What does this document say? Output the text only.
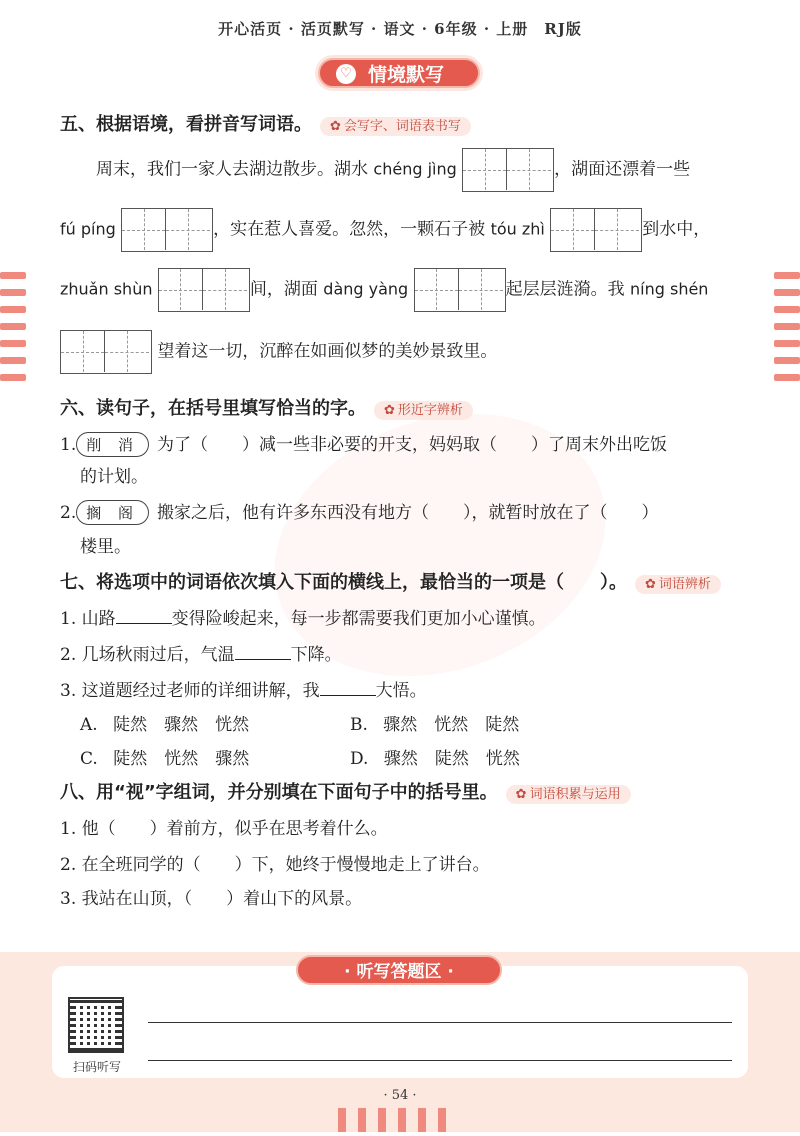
开心活页 · 活页默写 · 语文 · 6年级 · 上册　RJ版
♡ 情境默写
五、根据语境，看拼音写词语。 ✿ 会写字、词语表书写
周末，我们一家人去湖边散步。湖水 chéng jìng	，湖面还漂着一些
fú píng	，实在惹人喜爱。忽然，一颗石子被 tóu zhì	到水中，
zhuǎn shùn	间，湖面 dàng yàng	起层层涟漪。我 níng shén
望着这一切，沉醉在如画似梦的美妙景致里。
六、读句子，在括号里填写恰当的字。 ✿ 形近字辨析
1. 削 消 为了（　　）减一些非必要的开支，妈妈取（　　）了周末外出吃饭
的计划。
2. 搁 阁 搬家之后，他有许多东西没有地方（　　），就暂时放在了（　　）
楼里。
七、将选项中的词语依次填入下面的横线上，最恰当的一项是（　　）。 ✿ 词语辨析
1. 山路	变得险峻起来，每一步都需要我们更加小心谨慎。
2. 几场秋雨过后，气温	下降。
3. 这道题经过老师的详细讲解，我	大悟。
A. 陡然　骤然　恍然	B. 骤然　恍然　陡然
C. 陡然　恍然　骤然	D. 骤然　陡然　恍然
八、用“视”字组词，并分别填在下面句子中的括号里。 ✿ 词语积累与运用
1. 他（　　）着前方，似乎在思考着什么。
2. 在全班同学的（　　）下，她终于慢慢地走上了讲台。
3. 我站在山顶，（　　）着山下的风景。
· 听写答题区 ·
扫码听写
· 54 ·
